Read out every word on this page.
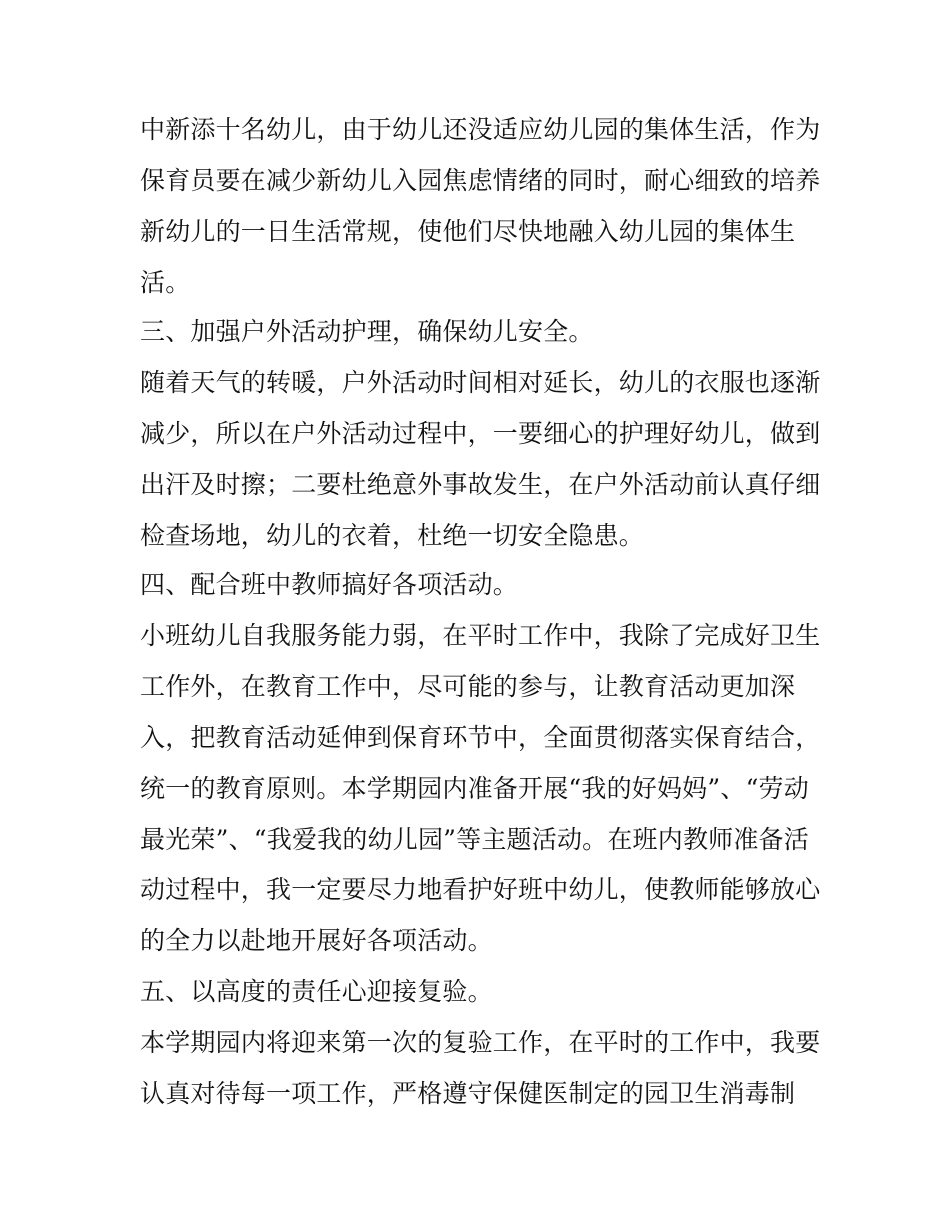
中新添十名幼儿，由于幼儿还没适应幼儿园的集体生活，作为
保育员要在减少新幼儿入园焦虑情绪的同时，耐心细致的培养
新幼儿的一日生活常规，使他们尽快地融入幼儿园的集体生
活。
三、加强户外活动护理，确保幼儿安全。
随着天气的转暖，户外活动时间相对延长，幼儿的衣服也逐渐
减少，所以在户外活动过程中，一要细心的护理好幼儿，做到
出汗及时擦；二要杜绝意外事故发生，在户外活动前认真仔细
检查场地，幼儿的衣着，杜绝一切安全隐患。
四、配合班中教师搞好各项活动。
小班幼儿自我服务能力弱，在平时工作中，我除了完成好卫生
工作外，在教育工作中，尽可能的参与，让教育活动更加深
入，把教育活动延伸到保育环节中，全面贯彻落实保育结合，
统一的教育原则。本学期园内准备开展“我的好妈妈”、“劳动
最光荣”、“我爱我的幼儿园”等主题活动。在班内教师准备活
动过程中，我一定要尽力地看护好班中幼儿，使教师能够放心
的全力以赴地开展好各项活动。
五、以高度的责任心迎接复验。
本学期园内将迎来第一次的复验工作，在平时的工作中，我要
认真对待每一项工作，严格遵守保健医制定的园卫生消毒制
